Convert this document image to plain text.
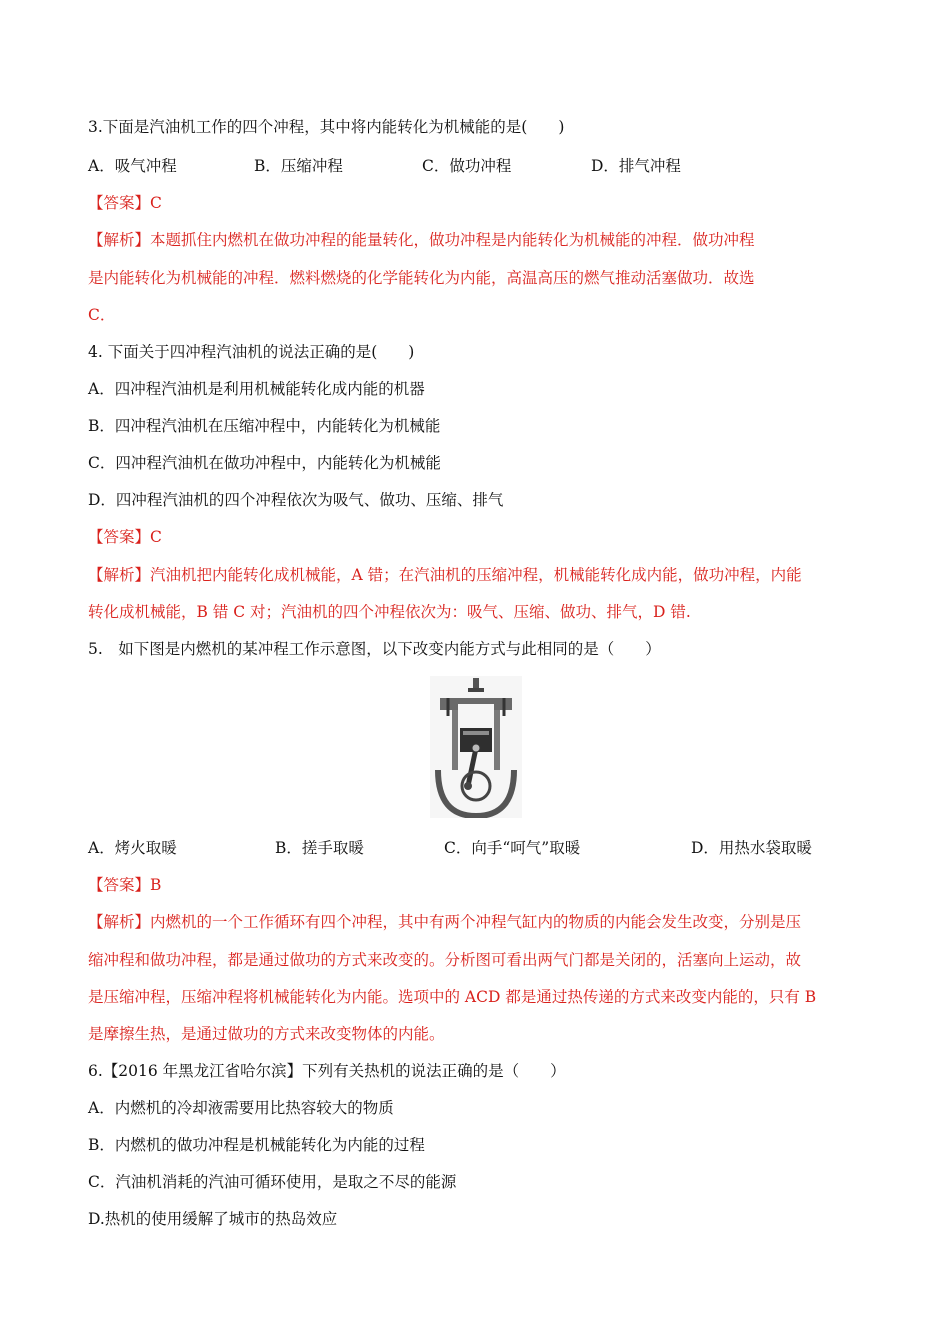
3.下面是汽油机工作的四个冲程，其中将内能转化为机械能的是(　　)
A．吸气冲程	B．压缩冲程	C．做功冲程	D．排气冲程
【答案】C
【解析】本题抓住内燃机在做功冲程的能量转化，做功冲程是内能转化为机械能的冲程．做功冲程
是内能转化为机械能的冲程．燃料燃烧的化学能转化为内能，高温高压的燃气推动活塞做功．故选
C．
4. 下面关于四冲程汽油机的说法正确的是(　　)
A．四冲程汽油机是利用机械能转化成内能的机器
B．四冲程汽油机在压缩冲程中，内能转化为机械能
C．四冲程汽油机在做功冲程中，内能转化为机械能
D．四冲程汽油机的四个冲程依次为吸气、做功、压缩、排气
【答案】C
【解析】汽油机把内能转化成机械能，A 错；在汽油机的压缩冲程，机械能转化成内能，做功冲程，内能
转化成机械能，B 错 C 对；汽油机的四个冲程依次为：吸气、压缩、做功、排气，D 错.
5.　如下图是内燃机的某冲程工作示意图，以下改变内能方式与此相同的是（　　）
A．烤火取暖	B．搓手取暖	C．向手“呵气”取暖	D．用热水袋取暖
【答案】B
【解析】内燃机的一个工作循环有四个冲程，其中有两个冲程气缸内的物质的内能会发生改变，分别是压
缩冲程和做功冲程，都是通过做功的方式来改变的。分析图可看出两气门都是关闭的，活塞向上运动，故
是压缩冲程，压缩冲程将机械能转化为内能。选项中的 ACD 都是通过热传递的方式来改变内能的，只有 B
是摩擦生热，是通过做功的方式来改变物体的内能。
6.【2016 年黑龙江省哈尔滨】下列有关热机的说法正确的是（　　）
A．内燃机的冷却液需要用比热容较大的物质
B．内燃机的做功冲程是机械能转化为内能的过程
C．汽油机消耗的汽油可循环使用，是取之不尽的能源
D.热机的使用缓解了城市的热岛效应
